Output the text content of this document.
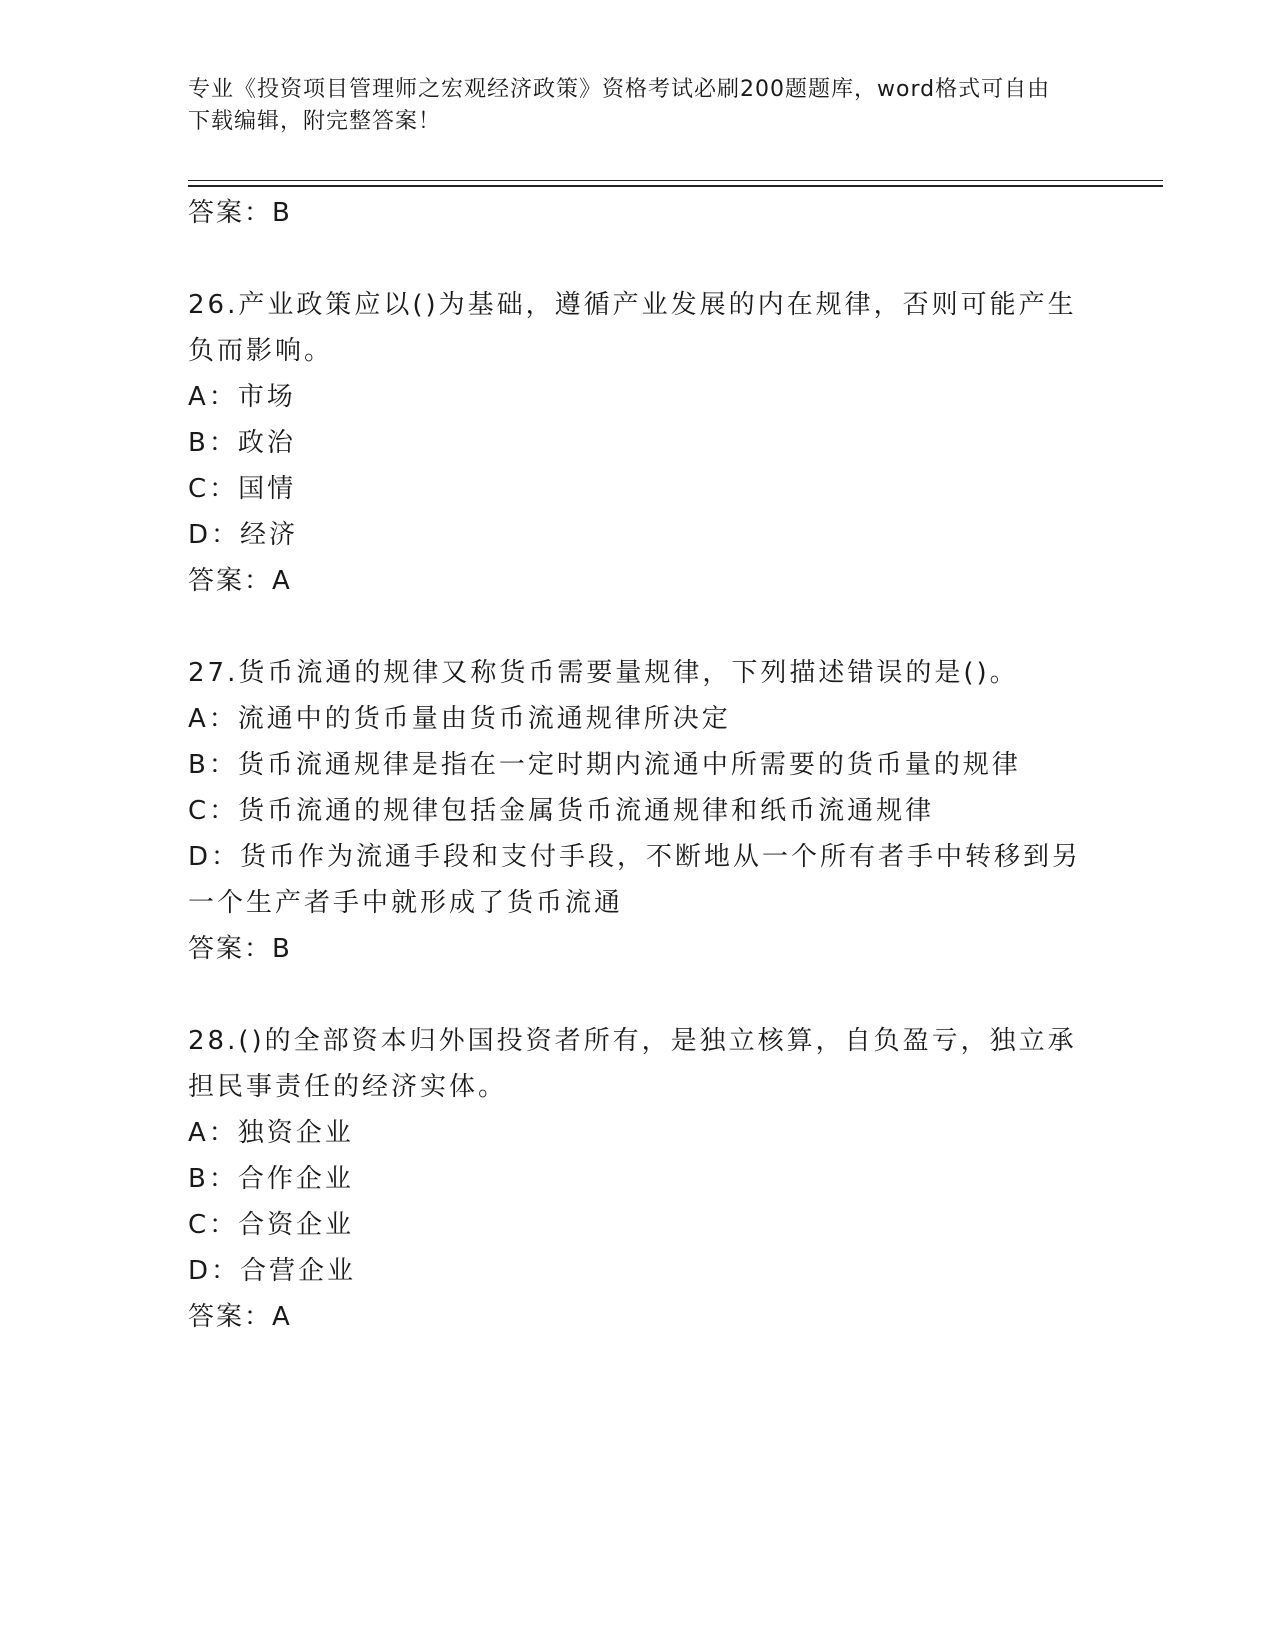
专业《投资项目管理师之宏观经济政策》资格考试必刷200题题库，word格式可自由下载编辑，附完整答案！
答案：B
26.产业政策应以()为基础，遵循产业发展的内在规律，否则可能产生
负而影响。
A：市场
B：政治
C：国情
D：经济
答案：A
27.货币流通的规律又称货币需要量规律，下列描述错误的是()。
A：流通中的货币量由货币流通规律所决定
B：货币流通规律是指在一定时期内流通中所需要的货币量的规律
C：货币流通的规律包括金属货币流通规律和纸币流通规律
D：货币作为流通手段和支付手段，不断地从一个所有者手中转移到另
一个生产者手中就形成了货币流通
答案：B
28.()的全部资本归外国投资者所有，是独立核算，自负盈亏，独立承
担民事责任的经济实体。
A：独资企业
B：合作企业
C：合资企业
D：合营企业
答案：A
